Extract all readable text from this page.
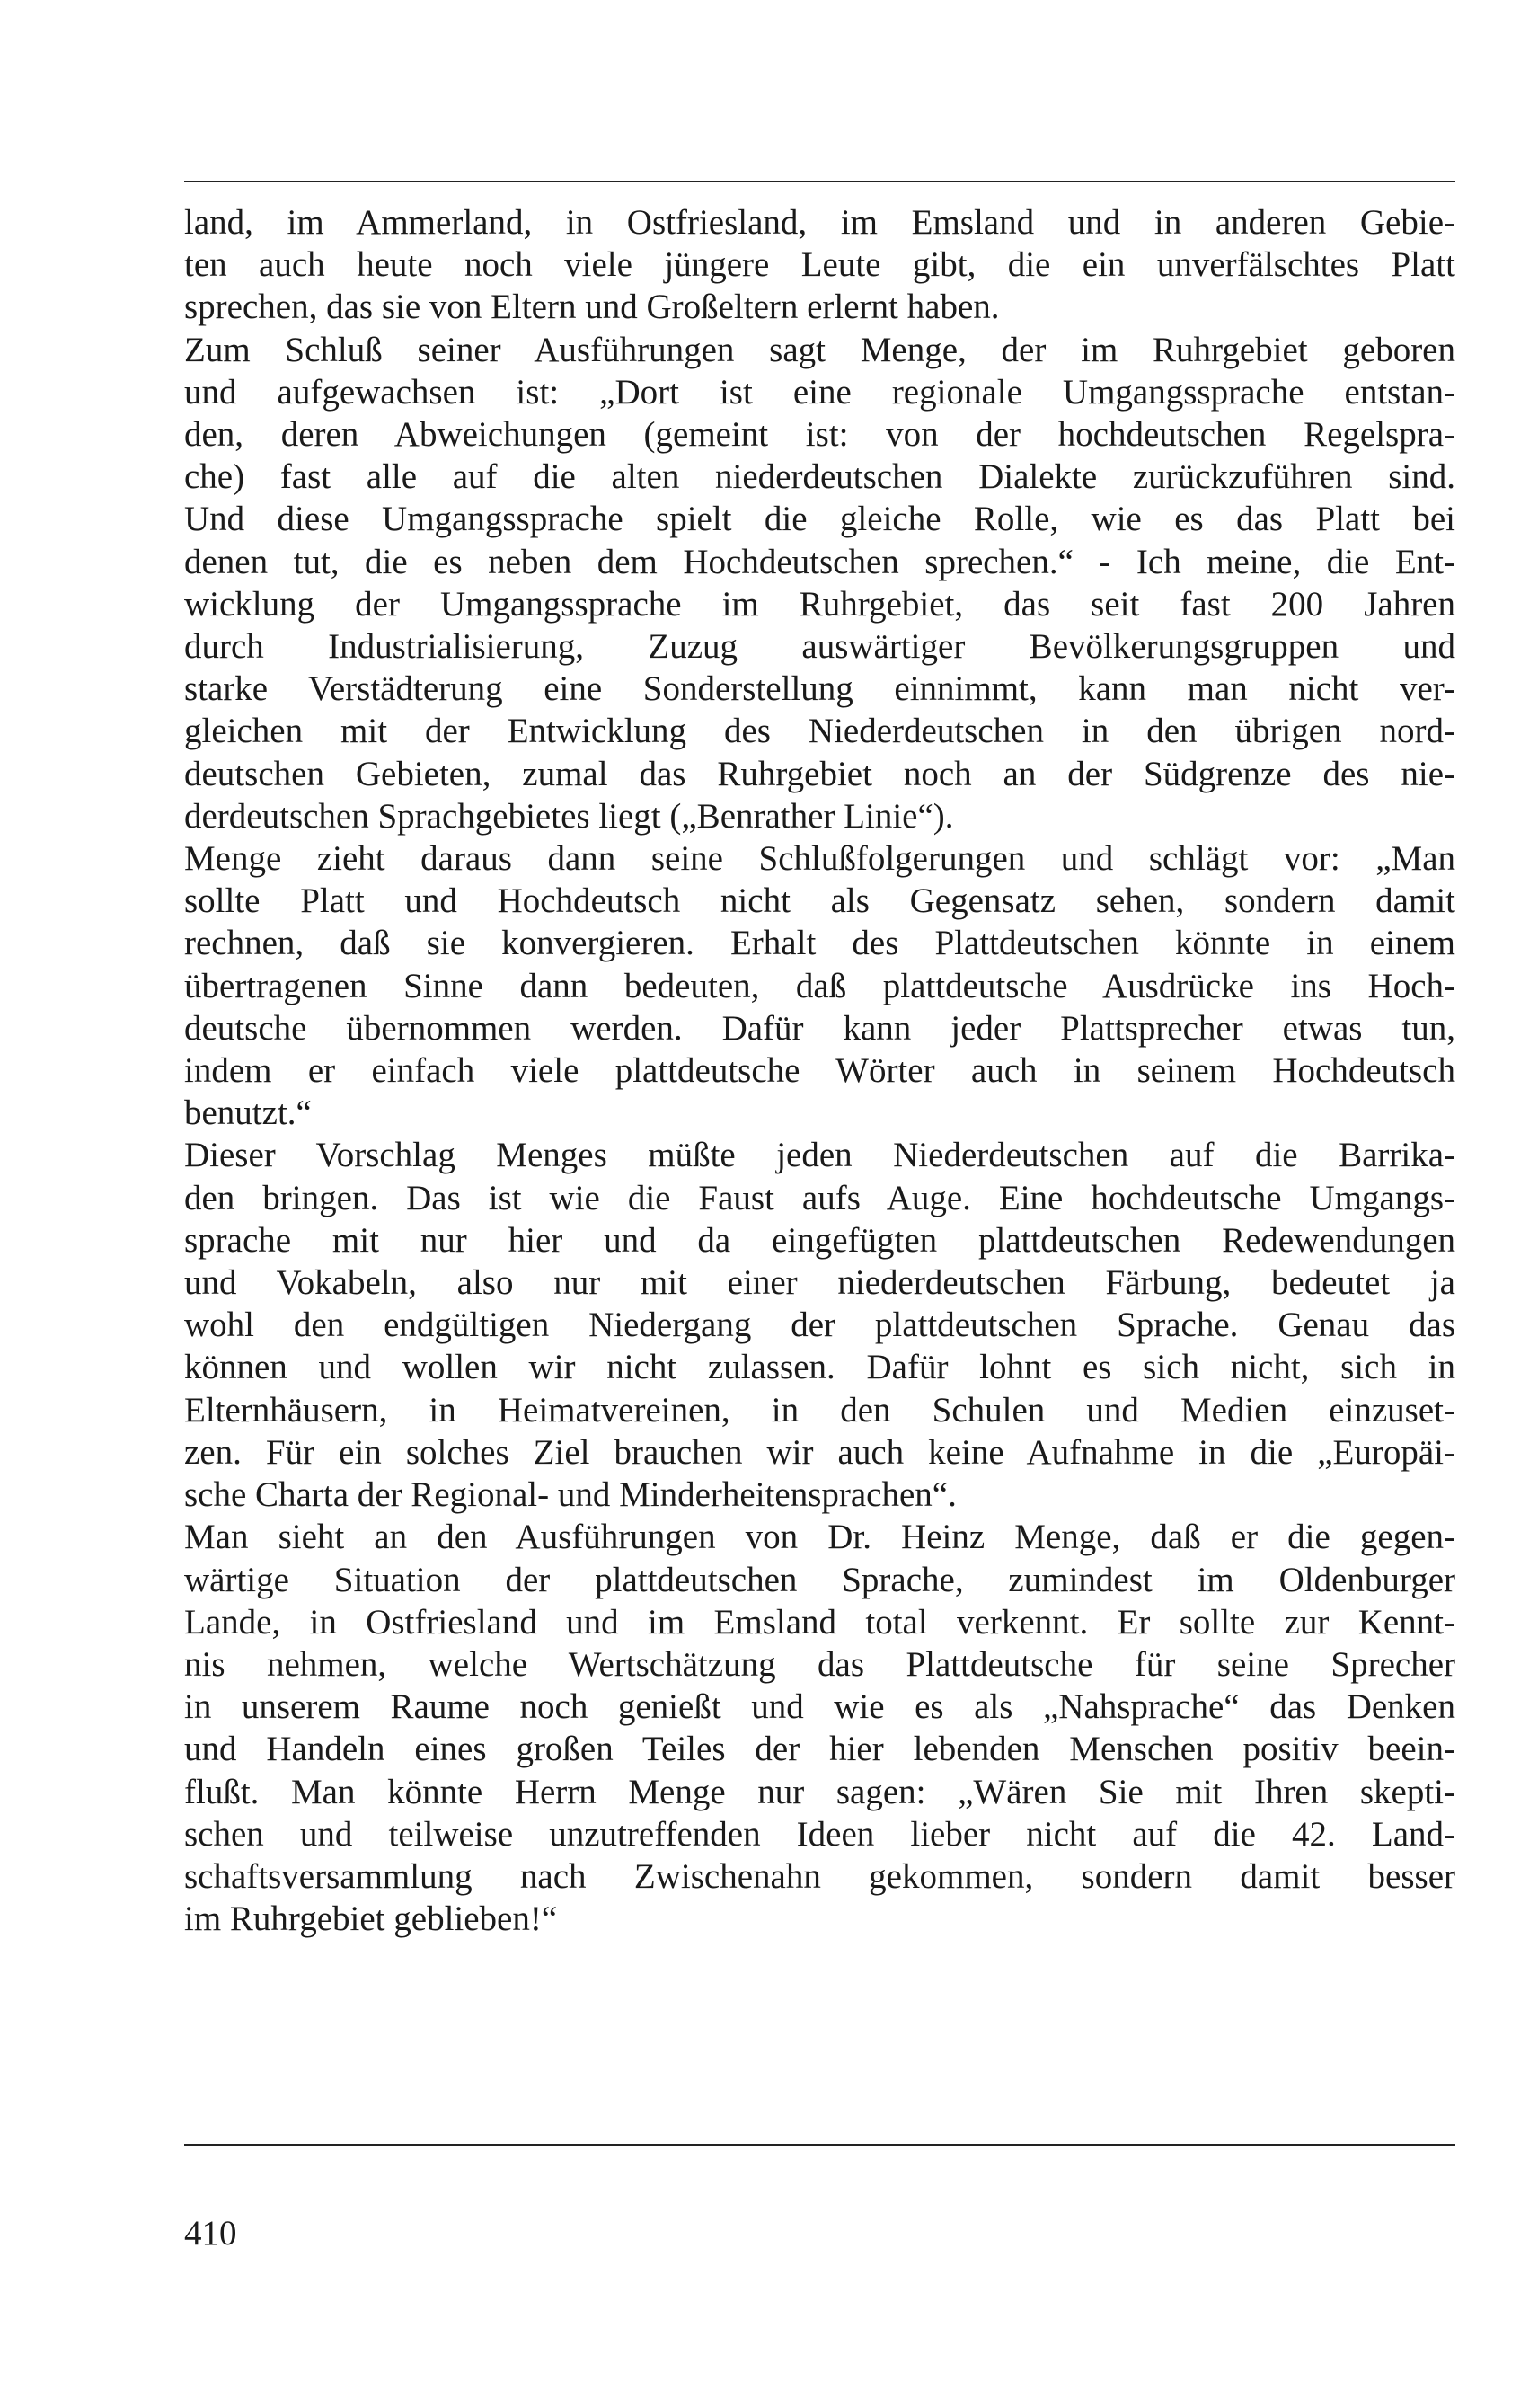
land, im Ammerland, in Ostfriesland, im Emsland und in anderen Gebie-
ten auch heute noch viele jüngere Leute gibt, die ein unverfälschtes Platt
sprechen, das sie von Eltern und Großeltern erlernt haben.
Zum Schluß seiner Ausführungen sagt Menge, der im Ruhrgebiet geboren
und aufgewachsen ist: „Dort ist eine regionale Umgangssprache entstan-
den, deren Abweichungen (gemeint ist: von der hochdeutschen Regelspra-
che) fast alle auf die alten niederdeutschen Dialekte zurückzuführen sind.
Und diese Umgangssprache spielt die gleiche Rolle, wie es das Platt bei
denen tut, die es neben dem Hochdeutschen sprechen.“ - Ich meine, die Ent-
wicklung der Umgangssprache im Ruhrgebiet, das seit fast 200 Jahren
durch Industrialisierung, Zuzug auswärtiger Bevölkerungsgruppen und
starke Verstädterung eine Sonderstellung einnimmt, kann man nicht ver-
gleichen mit der Entwicklung des Niederdeutschen in den übrigen nord-
deutschen Gebieten, zumal das Ruhrgebiet noch an der Südgrenze des nie-
derdeutschen Sprachgebietes liegt („Benrather Linie“).
Menge zieht daraus dann seine Schlußfolgerungen und schlägt vor: „Man
sollte Platt und Hochdeutsch nicht als Gegensatz sehen, sondern damit
rechnen, daß sie konvergieren. Erhalt des Plattdeutschen könnte in einem
übertragenen Sinne dann bedeuten, daß plattdeutsche Ausdrücke ins Hoch-
deutsche übernommen werden. Dafür kann jeder Plattsprecher etwas tun,
indem er einfach viele plattdeutsche Wörter auch in seinem Hochdeutsch
benutzt.“
Dieser Vorschlag Menges müßte jeden Niederdeutschen auf die Barrika-
den bringen. Das ist wie die Faust aufs Auge. Eine hochdeutsche Umgangs-
sprache mit nur hier und da eingefügten plattdeutschen Redewendungen
und Vokabeln, also nur mit einer niederdeutschen Färbung, bedeutet ja
wohl den endgültigen Niedergang der plattdeutschen Sprache. Genau das
können und wollen wir nicht zulassen. Dafür lohnt es sich nicht, sich in
Elternhäusern, in Heimatvereinen, in den Schulen und Medien einzuset-
zen. Für ein solches Ziel brauchen wir auch keine Aufnahme in die „Europäi-
sche Charta der Regional- und Minderheitensprachen“.
Man sieht an den Ausführungen von Dr. Heinz Menge, daß er die gegen-
wärtige Situation der plattdeutschen Sprache, zumindest im Oldenburger
Lande, in Ostfriesland und im Emsland total verkennt. Er sollte zur Kennt-
nis nehmen, welche Wertschätzung das Plattdeutsche für seine Sprecher
in unserem Raume noch genießt und wie es als „Nahsprache“ das Denken
und Handeln eines großen Teiles der hier lebenden Menschen positiv beein-
flußt. Man könnte Herrn Menge nur sagen: „Wären Sie mit Ihren skepti-
schen und teilweise unzutreffenden Ideen lieber nicht auf die 42. Land-
schaftsversammlung nach Zwischenahn gekommen, sondern damit besser
im Ruhrgebiet geblieben!“
410
